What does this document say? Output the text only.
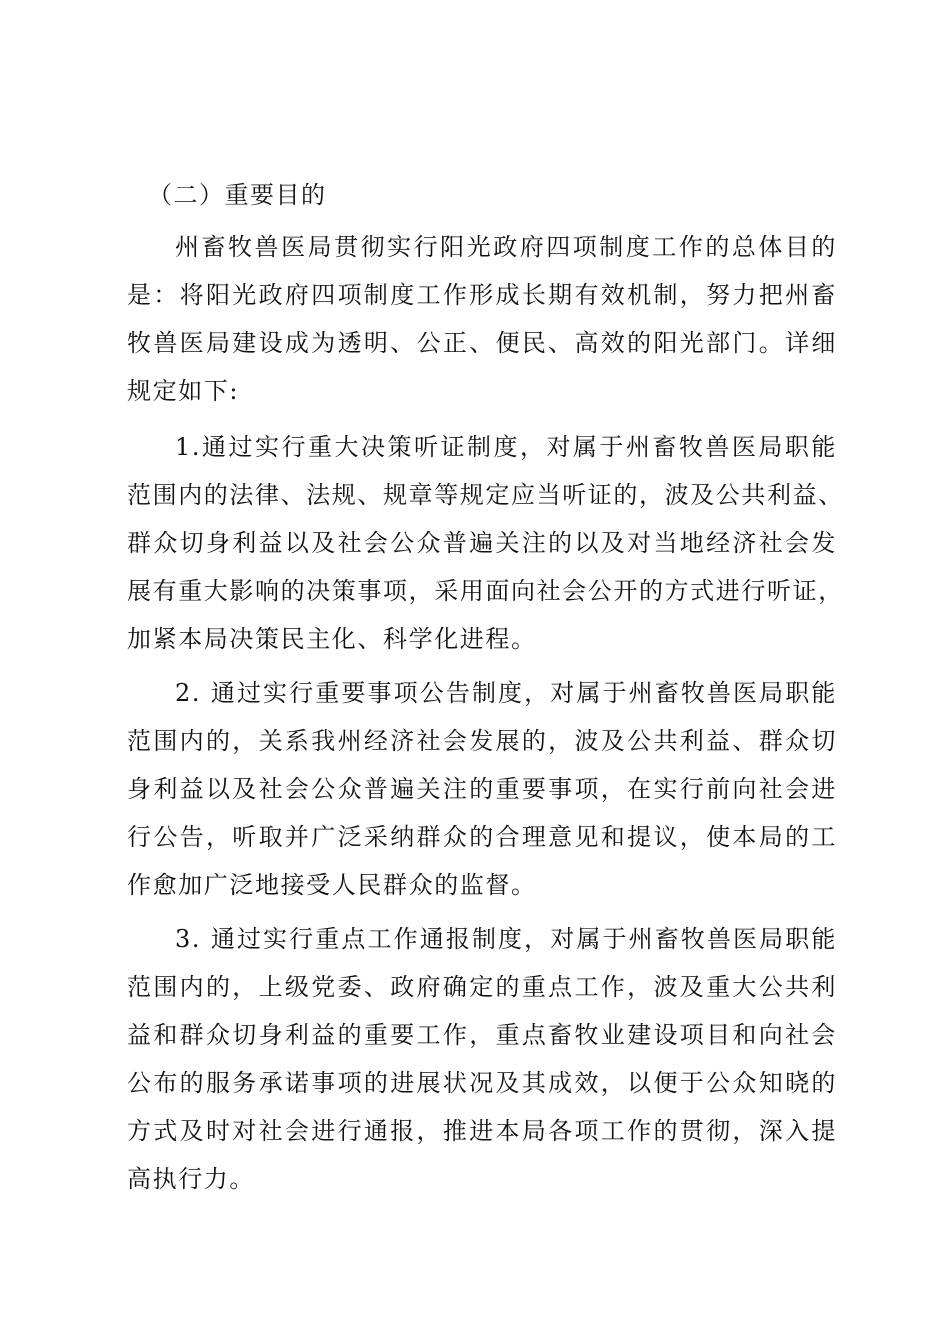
（二）重要目的
州畜牧兽医局贯彻实行阳光政府四项制度工作的总体目的
是：将阳光政府四项制度工作形成长期有效机制，努力把州畜
牧兽医局建设成为透明、公正、便民、高效的阳光部门。详细
规定如下:
1.通过实行重大决策听证制度，对属于州畜牧兽医局职能
范围内的法律、法规、规章等规定应当听证的，波及公共利益、
群众切身利益以及社会公众普遍关注的以及对当地经济社会发
展有重大影响的决策事项，采用面向社会公开的方式进行听证，
加紧本局决策民主化、科学化进程。
2. 通过实行重要事项公告制度，对属于州畜牧兽医局职能
范围内的，关系我州经济社会发展的，波及公共利益、群众切
身利益以及社会公众普遍关注的重要事项，在实行前向社会进
行公告，听取并广泛采纳群众的合理意见和提议，使本局的工
作愈加广泛地接受人民群众的监督。
3. 通过实行重点工作通报制度，对属于州畜牧兽医局职能
范围内的，上级党委、政府确定的重点工作，波及重大公共利
益和群众切身利益的重要工作，重点畜牧业建设项目和向社会
公布的服务承诺事项的进展状况及其成效，以便于公众知晓的
方式及时对社会进行通报，推进本局各项工作的贯彻，深入提
高执行力。
